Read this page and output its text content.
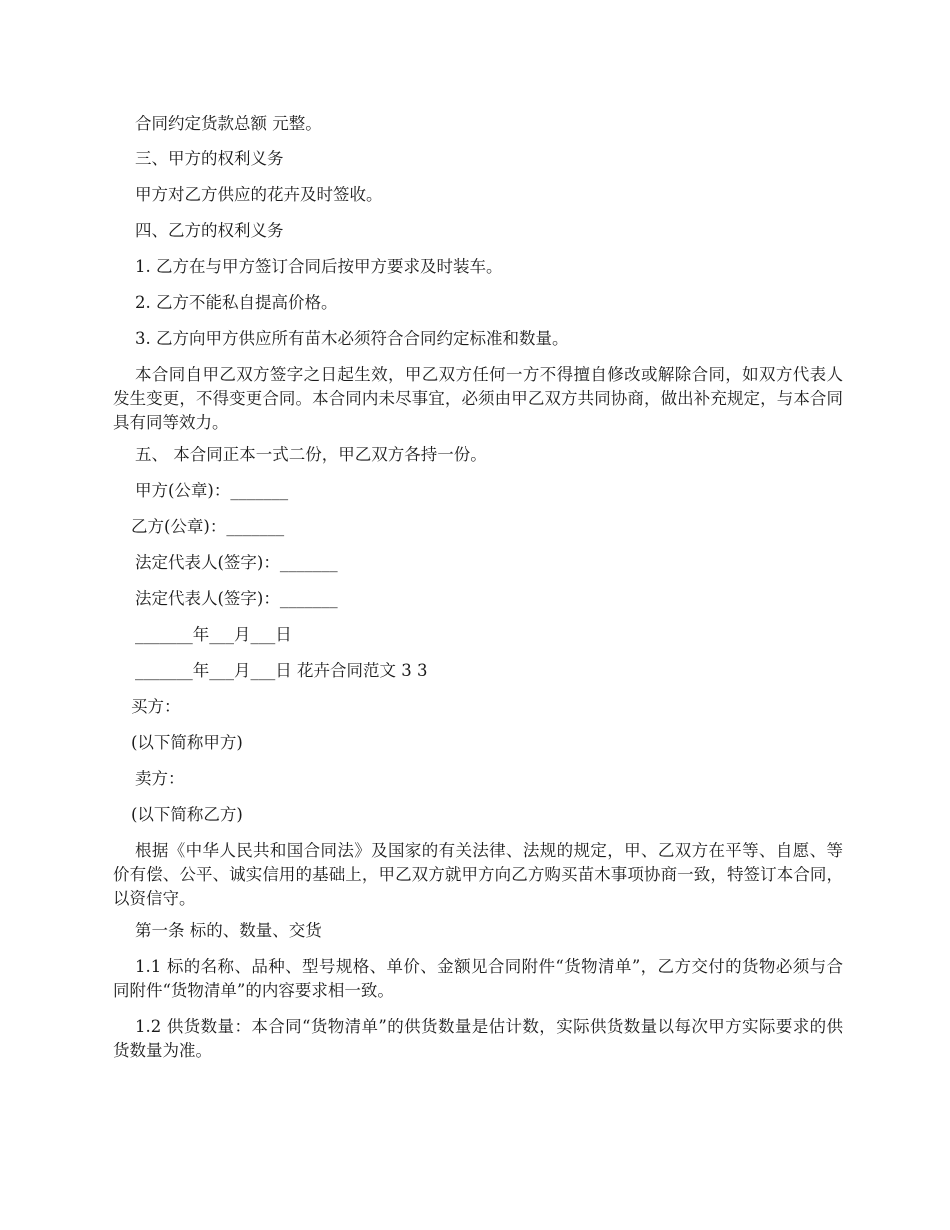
合同约定货款总额 元整。

三、甲方的权利义务

甲方对乙方供应的花卉及时签收。

四、乙方的权利义务

1. 乙方在与甲方签订合同后按甲方要求及时装车。

2. 乙方不能私自提高价格。

3. 乙方向甲方供应所有苗木必须符合合同约定标准和数量。

本合同自甲乙双方签字之日起生效，甲乙双方任何一方不得擅自修改或解除合同，如双方代表人发生变更，不得变更合同。本合同内未尽事宜，必须由甲乙双方共同协商，做出补充规定，与本合同具有同等效力。

五、 本合同正本一式二份，甲乙双方各持一份。

甲方(公章)：_______

乙方(公章)：_______

法定代表人(签字)：_______

法定代表人(签字)：_______

_______年___月___日

_______年___月___日 花卉合同范文 3 3

买方：

(以下简称甲方)

卖方：

(以下简称乙方)

根据《中华人民共和国合同法》及国家的有关法律、法规的规定，甲、乙双方在平等、自愿、等价有偿、公平、诚实信用的基础上，甲乙双方就甲方向乙方购买苗木事项协商一致，特签订本合同，以资信守。

第一条 标的、数量、交货

1.1 标的名称、品种、型号规格、单价、金额见合同附件“货物清单”，乙方交付的货物必须与合同附件“货物清单”的内容要求相一致。

1.2 供货数量：本合同“货物清单”的供货数量是估计数，实际供货数量以每次甲方实际要求的供货数量为准。
